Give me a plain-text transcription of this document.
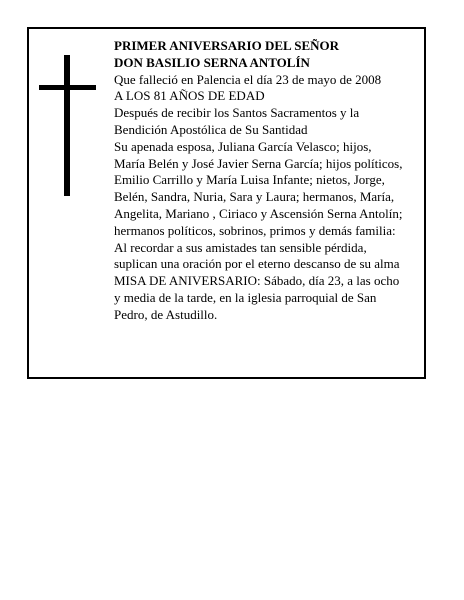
PRIMER ANIVERSARIO DEL SEÑOR
DON BASILIO SERNA ANTOLÍN
Que falleció en Palencia el día 23 de mayo de 2008
A LOS 81 AÑOS DE EDAD
Después de recibir los Santos Sacramentos y la
Bendición Apostólica de Su Santidad
Su apenada esposa, Juliana García Velasco; hijos,
María Belén y José Javier Serna García; hijos políticos,
Emilio Carrillo y María Luisa Infante; nietos, Jorge,
Belén, Sandra, Nuria, Sara y Laura; hermanos, María,
Angelita, Mariano , Ciriaco y Ascensión Serna Antolín;
hermanos políticos, sobrinos, primos y demás familia:
Al recordar a sus amistades tan sensible pérdida,
suplican una oración por el eterno descanso de su alma
MISA DE ANIVERSARIO: Sábado, día 23, a las ocho
y media de la tarde, en la iglesia parroquial de San
Pedro, de Astudillo.
